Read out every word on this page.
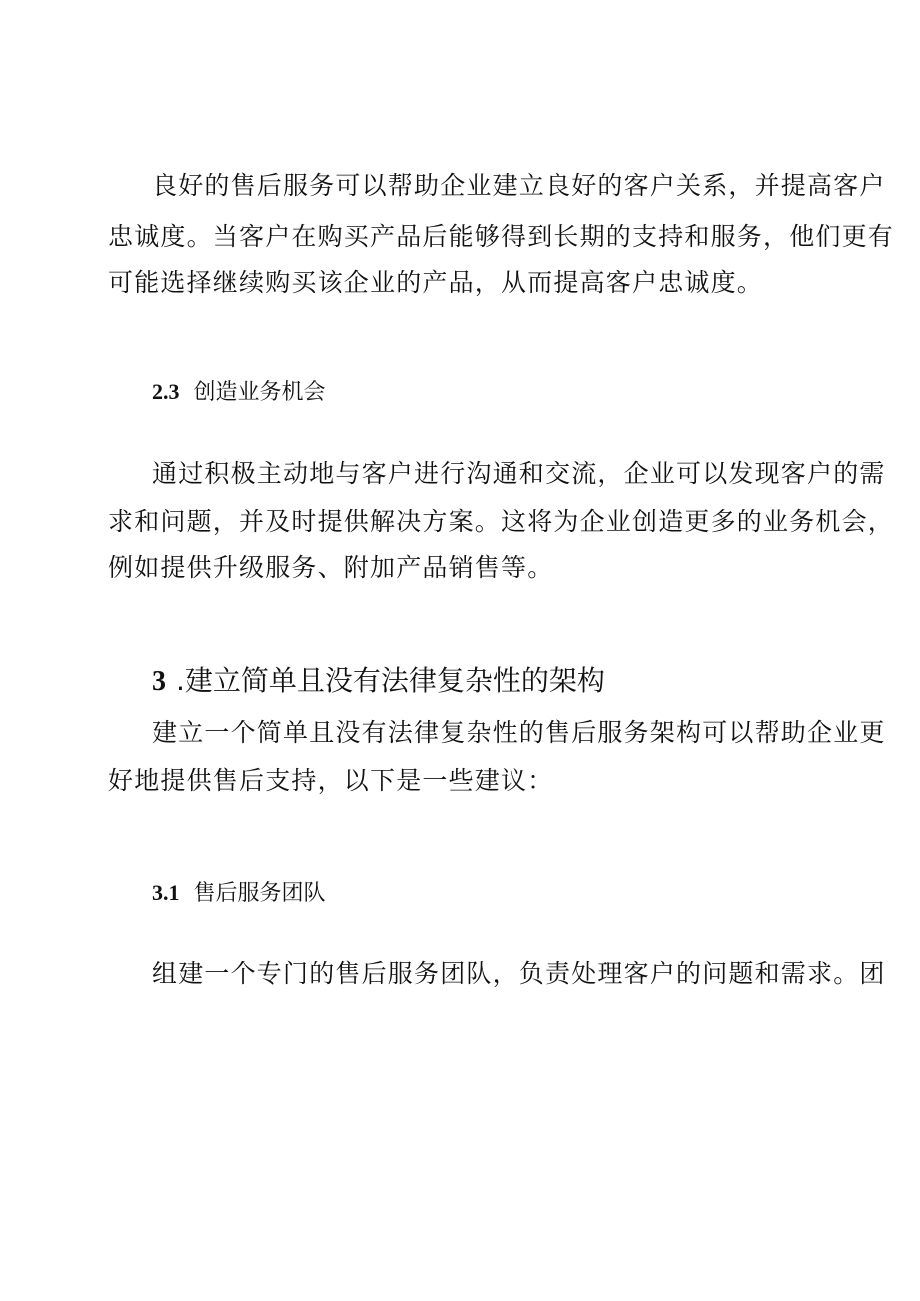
良好的售后服务可以帮助企业建立良好的客户关系，并提高客户
忠诚度。当客户在购买产品后能够得到长期的支持和服务，他们更有
可能选择继续购买该企业的产品，从而提高客户忠诚度。
2.3 创造业务机会
通过积极主动地与客户进行沟通和交流，企业可以发现客户的需
求和问题，并及时提供解决方案。这将为企业创造更多的业务机会，
例如提供升级服务、附加产品销售等。
3 .建立简单且没有法律复杂性的架构
建立一个简单且没有法律复杂性的售后服务架构可以帮助企业更
好地提供售后支持，以下是一些建议：
3.1 售后服务团队
组建一个专门的售后服务团队，负责处理客户的问题和需求。团
